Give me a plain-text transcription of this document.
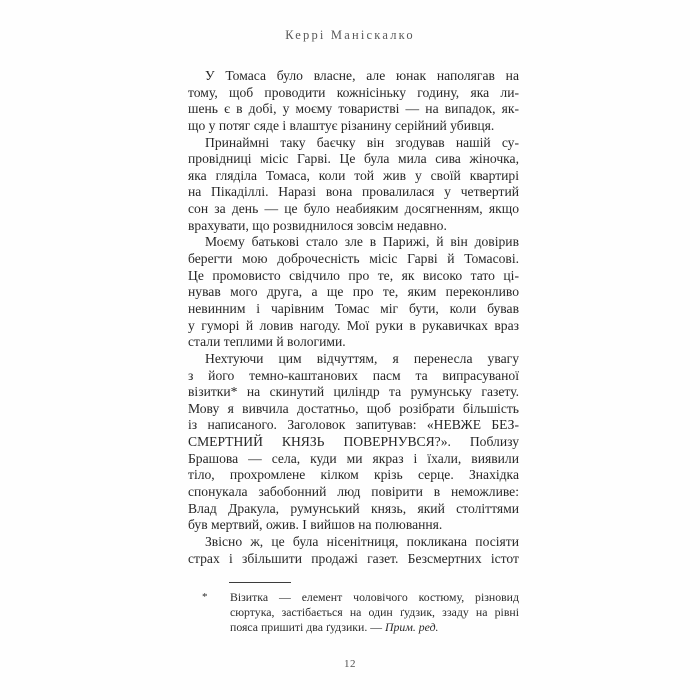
Керрі Маніскалко
У Томаса було власне, але юнак наполягав на
тому, щоб проводити кожнісіньку годину, яка ли-
шень є в добі, у моєму товаристві — на випадок, як-
що у потяг сяде і влаштує різанину серійний убивця.
Принаймні таку баєчку він згодував нашій су-
провідниці місіс Гарві. Це була мила сива жіночка,
яка гляділа Томаса, коли той жив у своїй квартирі
на Пікаділлі. Наразі вона провалилася у четвертий
сон за день — це було неабияким досягненням, якщо
врахувати, що розвиднилося зовсім недавно.
Моєму батькові стало зле в Парижі, й він довірив
берегти мою доброчесність місіс Гарві й Томасові.
Це промовисто свідчило про те, як високо тато ці-
нував мого друга, а ще про те, яким переконливо
невинним і чарівним Томас міг бути, коли бував
у гуморі й ловив нагоду. Мої руки в рукавичках враз
стали теплими й вологими.
Нехтуючи цим відчуттям, я перенесла увагу
з його темно-каштанових пасм та випрасуваної
візитки* на скинутий циліндр та румунську газету.
Мову я вивчила достатньо, щоб розібрати більшість
із написаного. Заголовок запитував: «НЕВЖЕ БЕЗ-
СМЕРТНИЙ КНЯЗЬ ПОВЕРНУВСЯ?». Поблизу
Брашова — села, куди ми якраз і їхали, виявили
тіло, прохромлене кілком крізь серце. Знахідка
спонукала забобонний люд повірити в неможливе:
Влад Дракула, румунський князь, який століттями
був мертвий, ожив. І вийшов на полювання.
Звісно ж, це була нісенітниця, покликана посіяти
страх і збільшити продажі газет. Безсмертних істот
*	Візитка — елемент чоловічого костюму, різновид
сюртука, застібається на один ґудзик, ззаду на рівні
пояса пришиті два ґудзики. — Прим. ред.
12
